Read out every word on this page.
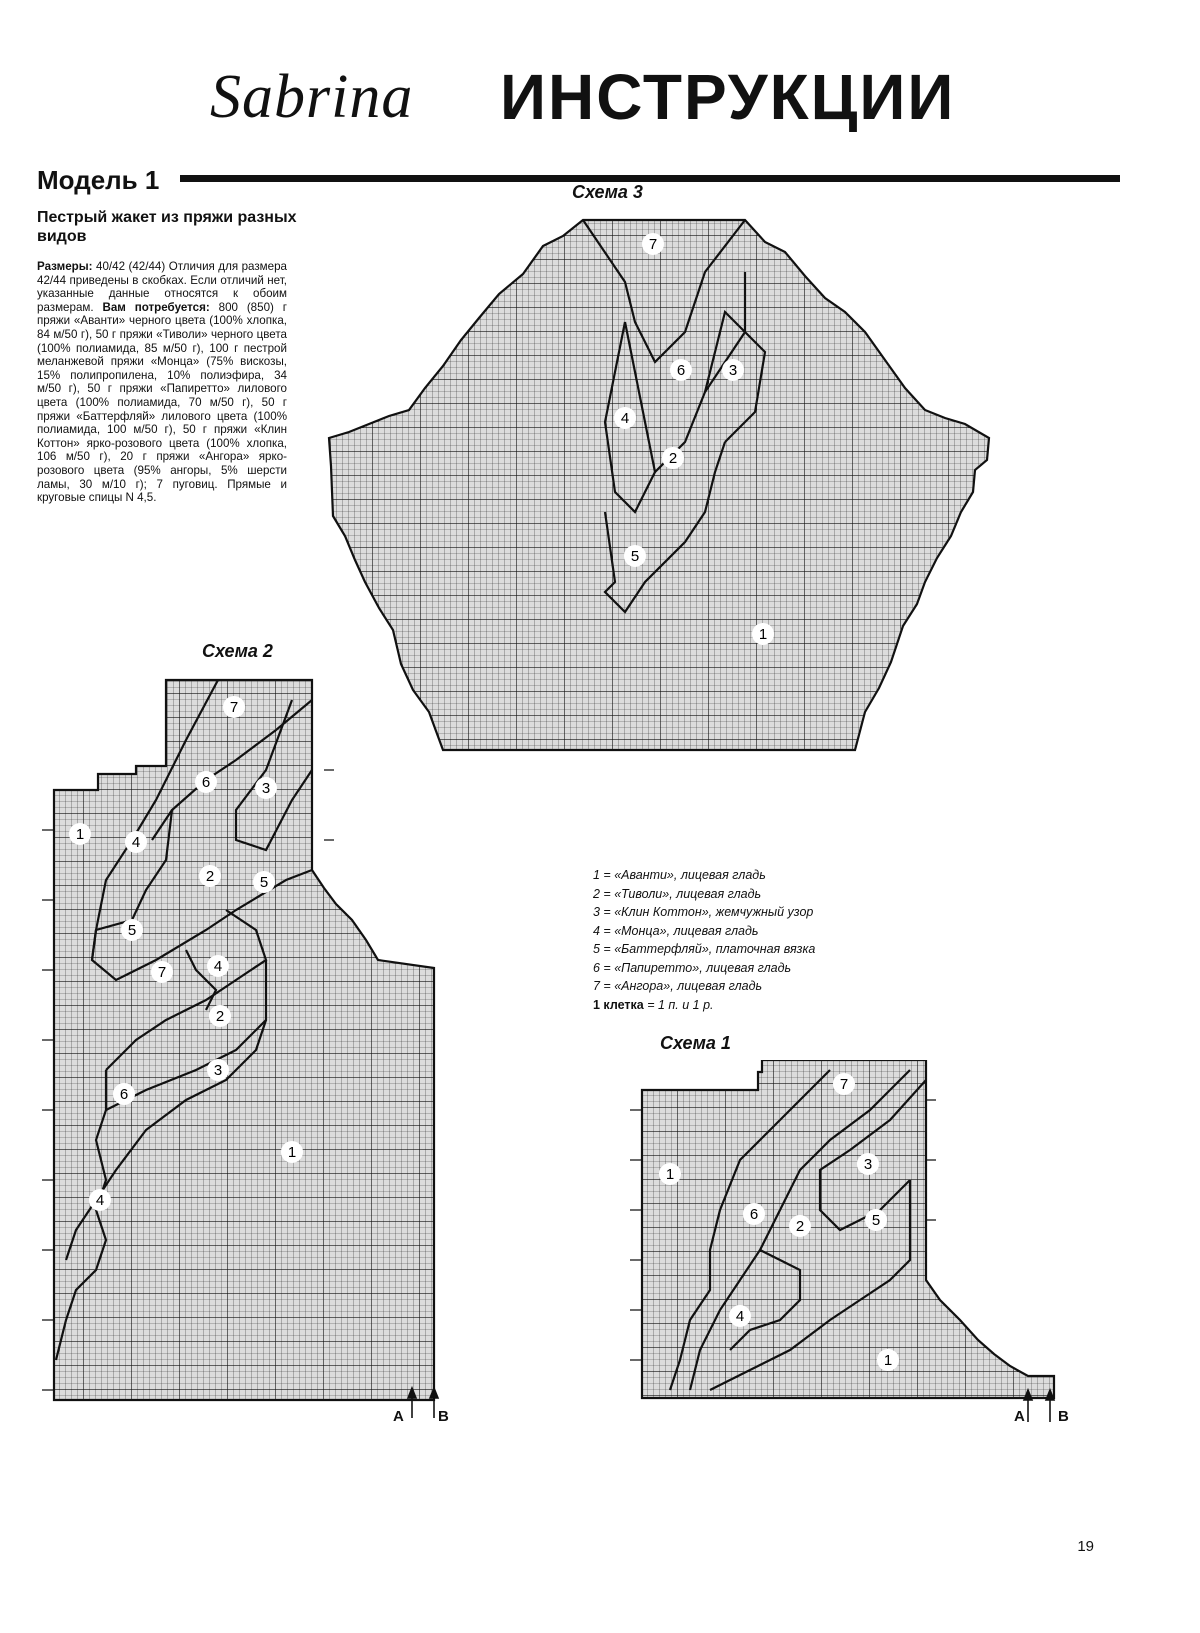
Sabrina ИНСТРУКЦИИ
Модель 1
Пестрый жакет из пряжи разных видов
Размеры: 40/42 (42/44) Отличия для размера 42/44 приведены в скобках. Если отличий нет, указанные данные относятся к обоим размерам. Вам потребуется: 800 (850) г пряжи «Аванти» черного цвета (100% хлопка, 84 м/50 г), 50 г пряжи «Тиволи» черного цвета (100% полиамида, 85 м/50 г), 100 г пестрой меланжевой пряжи «Монца» (75% вискозы, 15% полипропилена, 10% полиэфира, 34 м/50 г), 50 г пряжи «Папиретто» лилового цвета (100% полиамида, 70 м/50 г), 50 г пряжи «Баттерфляй» лилового цвета (100% полиамида, 100 м/50 г), 50 г пряжи «Клин Коттон» ярко-розового цвета (100% хлопка, 106 м/50 г), 20 г пряжи «Ангора» ярко-розового цвета (95% ангоры, 5% шерсти ламы, 30 м/10 г); 7 пуговиц. Прямые и круговые спицы N 4,5.
Схема 3
7
6	3
4
2
5
1
Схема 2
7
6	3
1	4
2	5
5
7	4
2
3
6
1
4
A B
1 = «Аванти», лицевая гладь
2 = «Тиволи», лицевая гладь
3 = «Клин Коттон», жемчужный узор
4 = «Монца», лицевая гладь
5 = «Баттерфляй», платочная вязка
6 = «Папиретто», лицевая гладь
7 = «Ангора», лицевая гладь
1 клетка = 1 п. и 1 р.
Схема 1
7
1
3
6
2	5
4
1
A B
19
